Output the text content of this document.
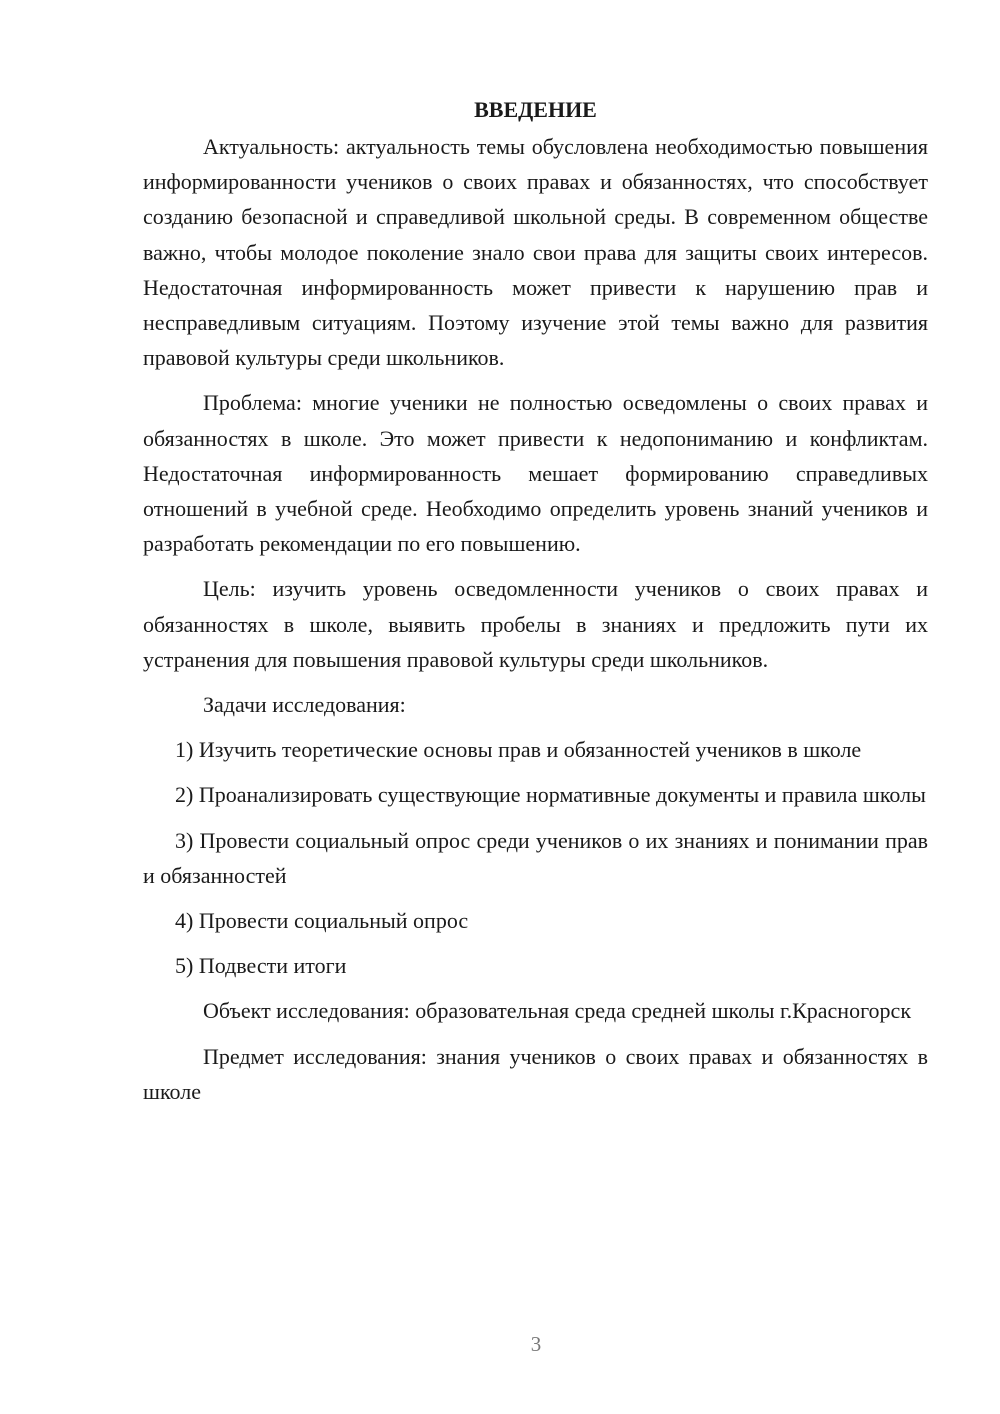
ВВЕДЕНИЕ

Актуальность: актуальность темы обусловлена необходимостью повышения информированности учеников о своих правах и обязанностях, что способствует созданию безопасной и справедливой школьной среды. В современном обществе важно, чтобы молодое поколение знало свои права для защиты своих интересов. Недостаточная информированность может привести к нарушению прав и несправедливым ситуациям. Поэтому изучение этой темы важно для развития правовой культуры среди школьников.

Проблема: многие ученики не полностью осведомлены о своих правах и обязанностях в школе. Это может привести к недопониманию и конфликтам. Недостаточная информированность мешает формированию справедливых отношений в учебной среде. Необходимо определить уровень знаний учеников и разработать рекомендации по его повышению.

Цель: изучить уровень осведомленности учеников о своих правах и обязанностях в школе, выявить пробелы в знаниях и предложить пути их устранения для повышения правовой культуры среди школьников.

Задачи исследования:

1) Изучить теоретические основы прав и обязанностей учеников в школе

2) Проанализировать существующие нормативные документы и правила школы

3) Провести социальный опрос среди учеников о их знаниях и понимании прав и обязанностей

4) Провести социальный опрос

5) Подвести итоги

Объект исследования: образовательная среда средней школы г.Красногорск

Предмет исследования: знания учеников о своих правах и обязанностях в школе

3
